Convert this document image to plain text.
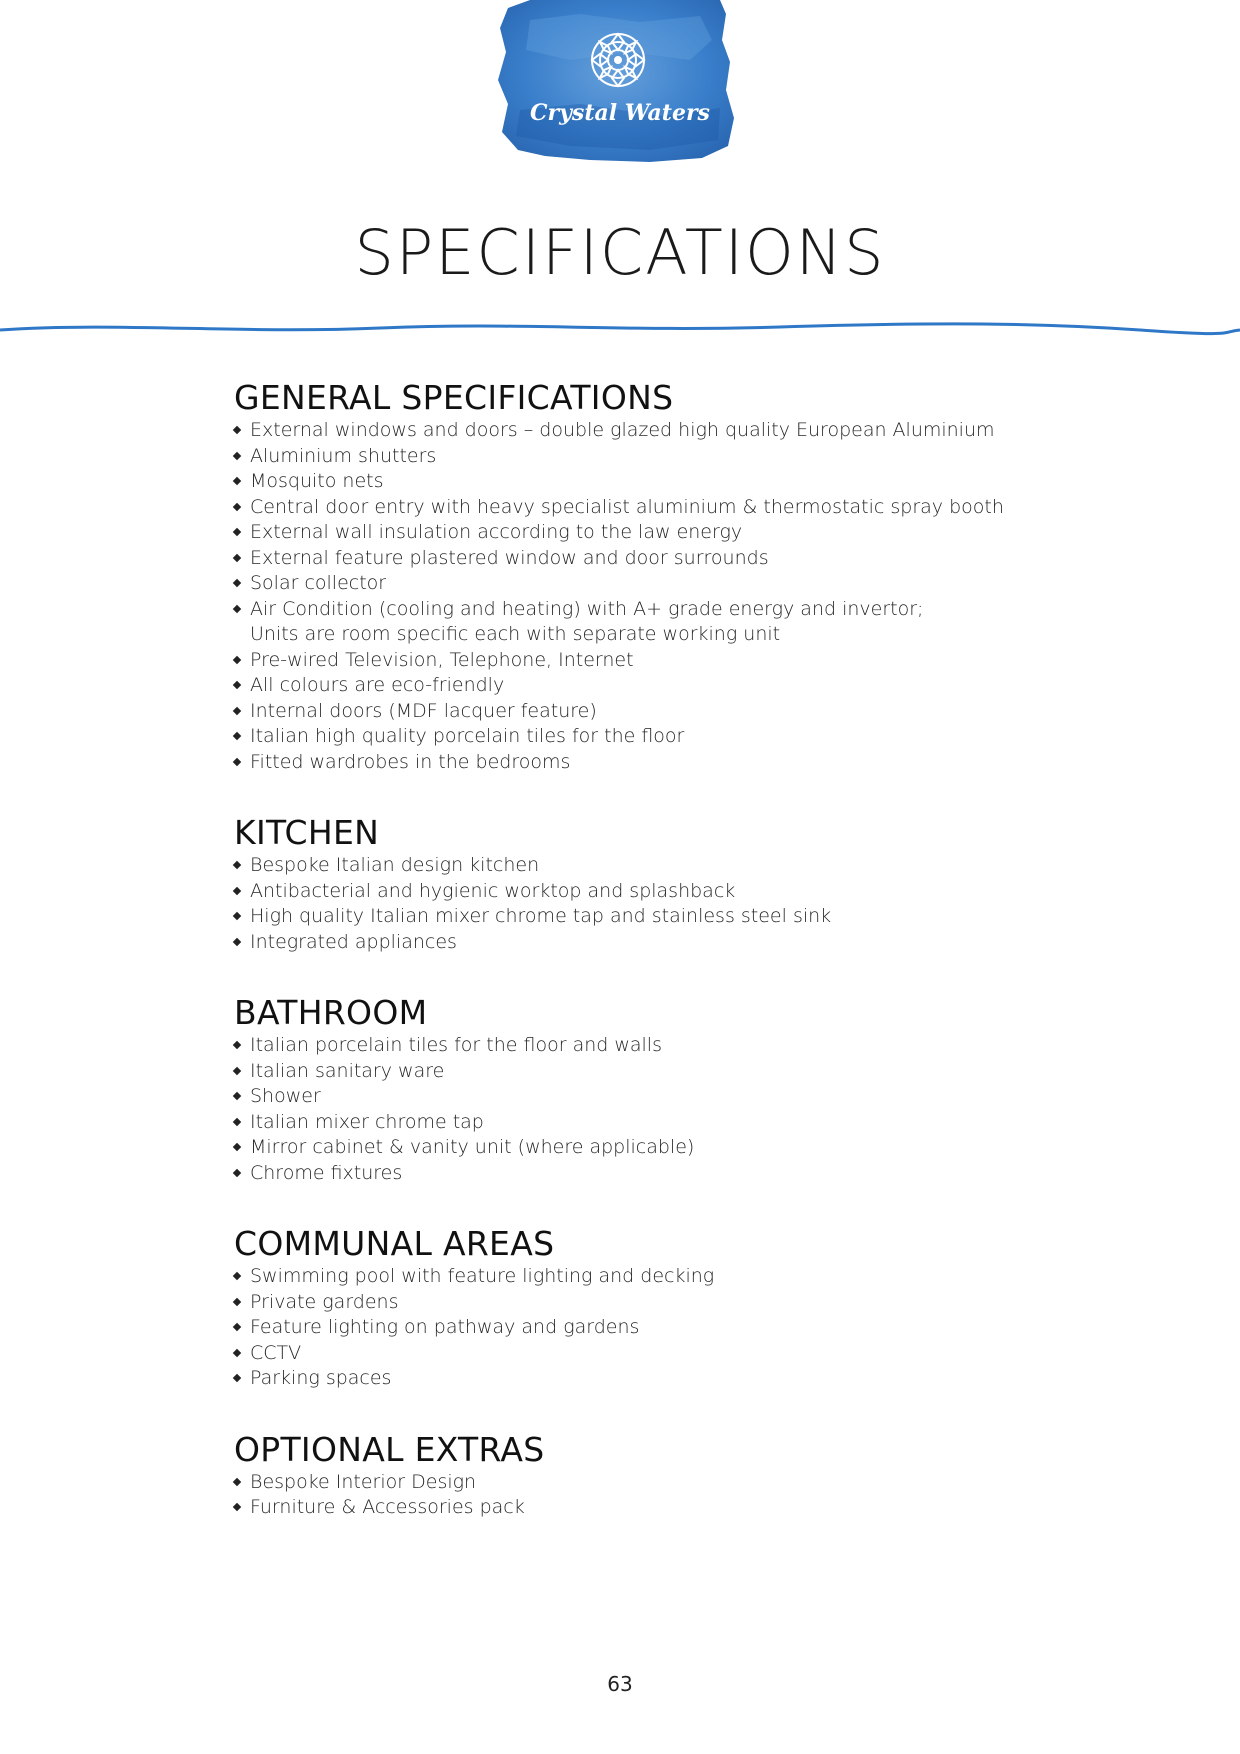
Crystal Waters
SPECIFICATIONS
GENERAL SPECIFICATIONS
External windows and doors – double glazed high quality European Aluminium
Aluminium shutters
Mosquito nets
Central door entry with heavy specialist aluminium & thermostatic spray booth
External wall insulation according to the law energy
External feature plastered window and door surrounds
Solar collector
Air Condition (cooling and heating) with A+ grade energy and invertor;
Units are room specific each with separate working unit
Pre-wired Television, Telephone, Internet
All colours are eco-friendly
Internal doors (MDF lacquer feature)
Italian high quality porcelain tiles for the floor
Fitted wardrobes in the bedrooms
KITCHEN
Bespoke Italian design kitchen
Antibacterial and hygienic worktop and splashback
High quality Italian mixer chrome tap and stainless steel sink
Integrated appliances
BATHROOM
Italian porcelain tiles for the floor and walls
Italian sanitary ware
Shower
Italian mixer chrome tap
Mirror cabinet & vanity unit (where applicable)
Chrome fixtures
COMMUNAL AREAS
Swimming pool with feature lighting and decking
Private gardens
Feature lighting on pathway and gardens
CCTV
Parking spaces
OPTIONAL EXTRAS
Bespoke Interior Design
Furniture & Accessories pack
63
